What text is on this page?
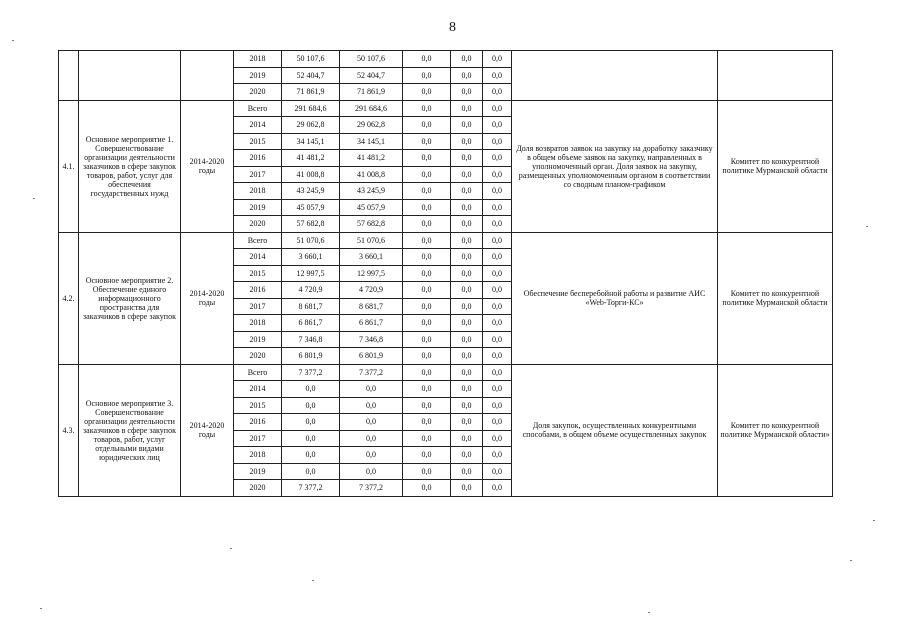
8
			2018	50 107,6	50 107,6	0,0	0,0	0,0		
			2019	52 404,7	52 404,7	0,0	0,0	0,0		
			2020	71 861,9	71 861,9	0,0	0,0	0,0		
4.1.	Основное мероприятие 1. Совершенствование организации деятельности заказчиков в сфере закупок товаров, работ, услуг для обеспечения государственных нужд	2014-2020 годы	Всего	291 684,6	291 684,6	0,0	0,0	0,0	Доля возвратов заявок на закупку на доработку заказчику в общем объеме заявок на закупку, направленных в уполномоченный орган. Доля заявок на закупку, размещенных уполномоченным органом в соответствии со сводным планом-графиком	Комитет по конкурентной политике Мурманской области
			2014	29 062,8	29 062,8	0,0	0,0	0,0		
			2015	34 145,1	34 145,1	0,0	0,0	0,0		
			2016	41 481,2	41 481,2	0,0	0,0	0,0		
			2017	41 008,8	41 008,8	0,0	0,0	0,0		
			2018	43 245,9	43 245,9	0,0	0,0	0,0		
			2019	45 057,9	45 057,9	0,0	0,0	0,0		
			2020	57 682,8	57 682,8	0,0	0,0	0,0		
4.2.	Основное мероприятие 2. Обеспечение единого информационного пространства для заказчиков в сфере закупок	2014-2020 годы	Всего	51 070,6	51 070,6	0,0	0,0	0,0	Обеспечение бесперебойной работы и развитие АИС «Web-Торги-КС»	Комитет по конкурентной политике Мурманской области
			2014	3 660,1	3 660,1	0,0	0,0	0,0		
			2015	12 997,5	12 997,5	0,0	0,0	0,0		
			2016	4 720,9	4 720,9	0,0	0,0	0,0		
			2017	8 681,7	8 681,7	0,0	0,0	0,0		
			2018	6 861,7	6 861,7	0,0	0,0	0,0		
			2019	7 346,8	7 346,8	0,0	0,0	0,0		
			2020	6 801,9	6 801,9	0,0	0,0	0,0		
4.3.	Основное мероприятие 3. Совершенствование организации деятельности заказчиков в сфере закупок товаров, работ, услуг отдельными видами юридических лиц	2014-2020 годы	Всего	7 377,2	7 377,2	0,0	0,0	0,0	Доля закупок, осуществленных конкурентными способами, в общем объеме осуществленных закупок	Комитет по конкурентной политике Мурманской области»
			2014	0,0	0,0	0,0	0,0	0,0		
			2015	0,0	0,0	0,0	0,0	0,0		
			2016	0,0	0,0	0,0	0,0	0,0		
			2017	0,0	0,0	0,0	0,0	0,0		
			2018	0,0	0,0	0,0	0,0	0,0		
			2019	0,0	0,0	0,0	0,0	0,0		
			2020	7 377,2	7 377,2	0,0	0,0	0,0		
